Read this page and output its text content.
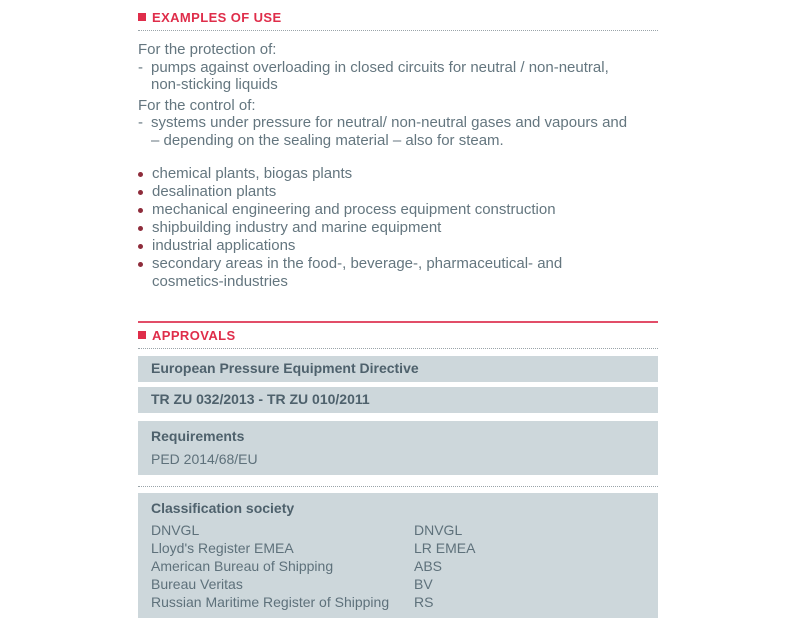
EXAMPLES OF USE
For the protection of:
- pumps against overloading in closed circuits for neutral / non-neutral,
non-sticking liquids
For the control of:
- systems under pressure for neutral/ non-neutral gases and vapours and
– depending on the sealing material – also for steam.
chemical plants, biogas plants
desalination plants
mechanical engineering and process equipment construction
shipbuilding industry and marine equipment
industrial applications
secondary areas in the food-, beverage-, pharmaceutical- and
cosmetics-industries
APPROVALS
European Pressure Equipment Directive
TR ZU 032/2013 - TR ZU 010/2011
Requirements
PED 2014/68/EU
Classification society
DNVGL	DNVGL
Lloyd's Register EMEA	LR EMEA
American Bureau of Shipping	ABS
Bureau Veritas	BV
Russian Maritime Register of Shipping	RS
